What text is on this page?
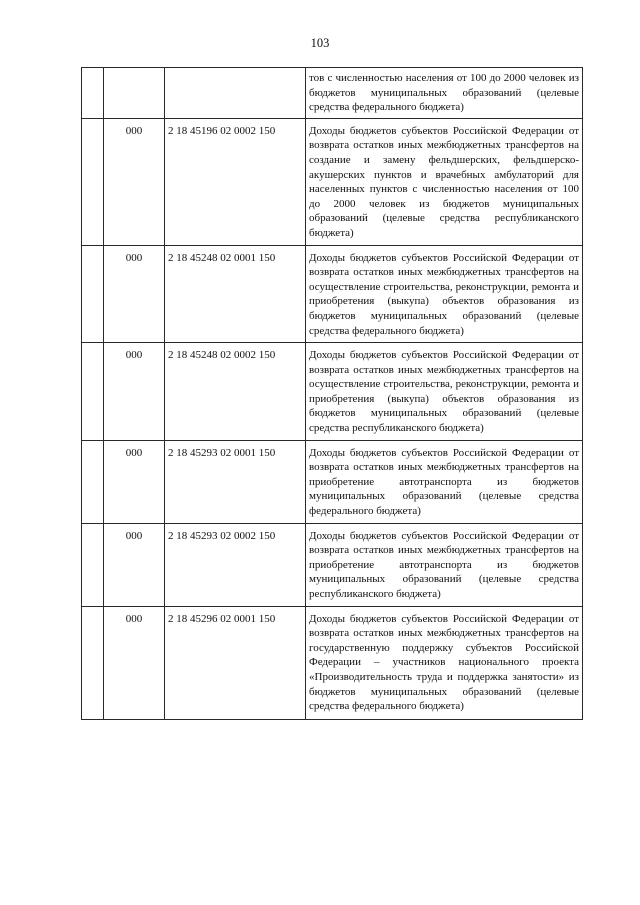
103
			тов с численностью населения от 100 до 2000 человек из бюджетов муниципальных образований (целевые средства федерального бюджета)
	000	2 18 45196 02 0002 150	Доходы бюджетов субъектов Российской Федерации от возврата остатков иных межбюджетных трансфертов на создание и замену фельдшерских, фельдшерско-акушерских пунктов и врачебных амбулаторий для населенных пунктов с численностью населения от 100 до 2000 человек из бюджетов муниципальных образований (целевые средства республиканского бюджета)
	000	2 18 45248 02 0001 150	Доходы бюджетов субъектов Российской Федерации от возврата остатков иных межбюджетных трансфертов на осуществление строительства, реконструкции, ремонта и приобретения (выкупа) объектов образования из бюджетов муниципальных образований (целевые средства федерального бюджета)
	000	2 18 45248 02 0002 150	Доходы бюджетов субъектов Российской Федерации от возврата остатков иных межбюджетных трансфертов на осуществление строительства, реконструкции, ремонта и приобретения (выкупа) объектов образования из бюджетов муниципальных образований (целевые средства республиканского бюджета)
	000	2 18 45293 02 0001 150	Доходы бюджетов субъектов Российской Федерации от возврата остатков иных межбюджетных трансфертов на приобретение автотранспорта из бюджетов муниципальных образований (целевые средства федерального бюджета)
	000	2 18 45293 02 0002 150	Доходы бюджетов субъектов Российской Федерации от возврата остатков иных межбюджетных трансфертов на приобретение автотранспорта из бюджетов муниципальных образований (целевые средства республиканского бюджета)
	000	2 18 45296 02 0001 150	Доходы бюджетов субъектов Российской Федерации от возврата остатков иных межбюджетных трансфертов на государственную поддержку субъектов Российской Федерации – участников национального проекта «Производительность труда и поддержка занятости» из бюджетов муниципальных образований (целевые средства федерального бюджета)
